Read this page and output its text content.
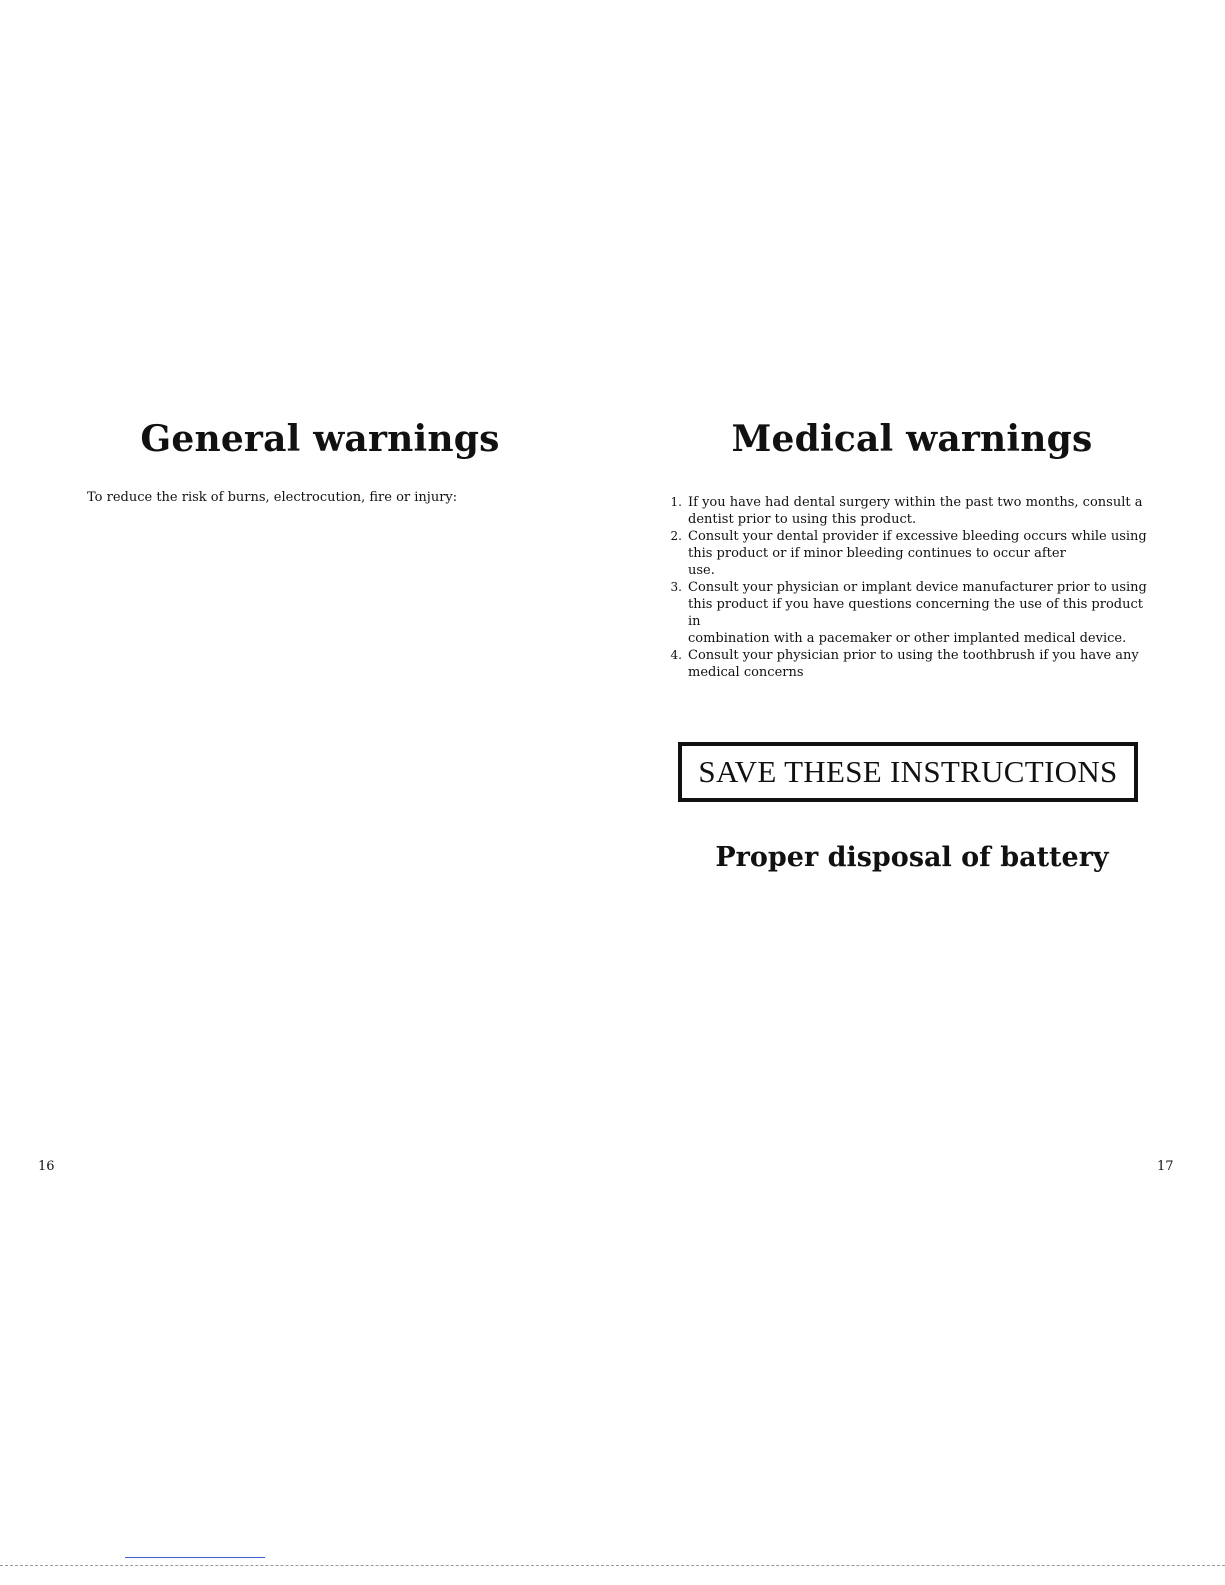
General warnings
To reduce the risk of burns, electrocution, fire or injury:
16
Medical warnings
1. If you have had dental surgery within the past two months, consult a
dentist prior to using this product.
2. Consult your dental provider if excessive bleeding occurs while using
this product or if minor bleeding continues to occur after
use.
3. Consult your physician or implant device manufacturer prior to using
this product if you have questions concerning the use of this product in
combination with a pacemaker or other implanted medical device.
4. Consult your physician prior to using the toothbrush if you have any
medical concerns
SAVE THESE INSTRUCTIONS
Proper disposal of battery
17
